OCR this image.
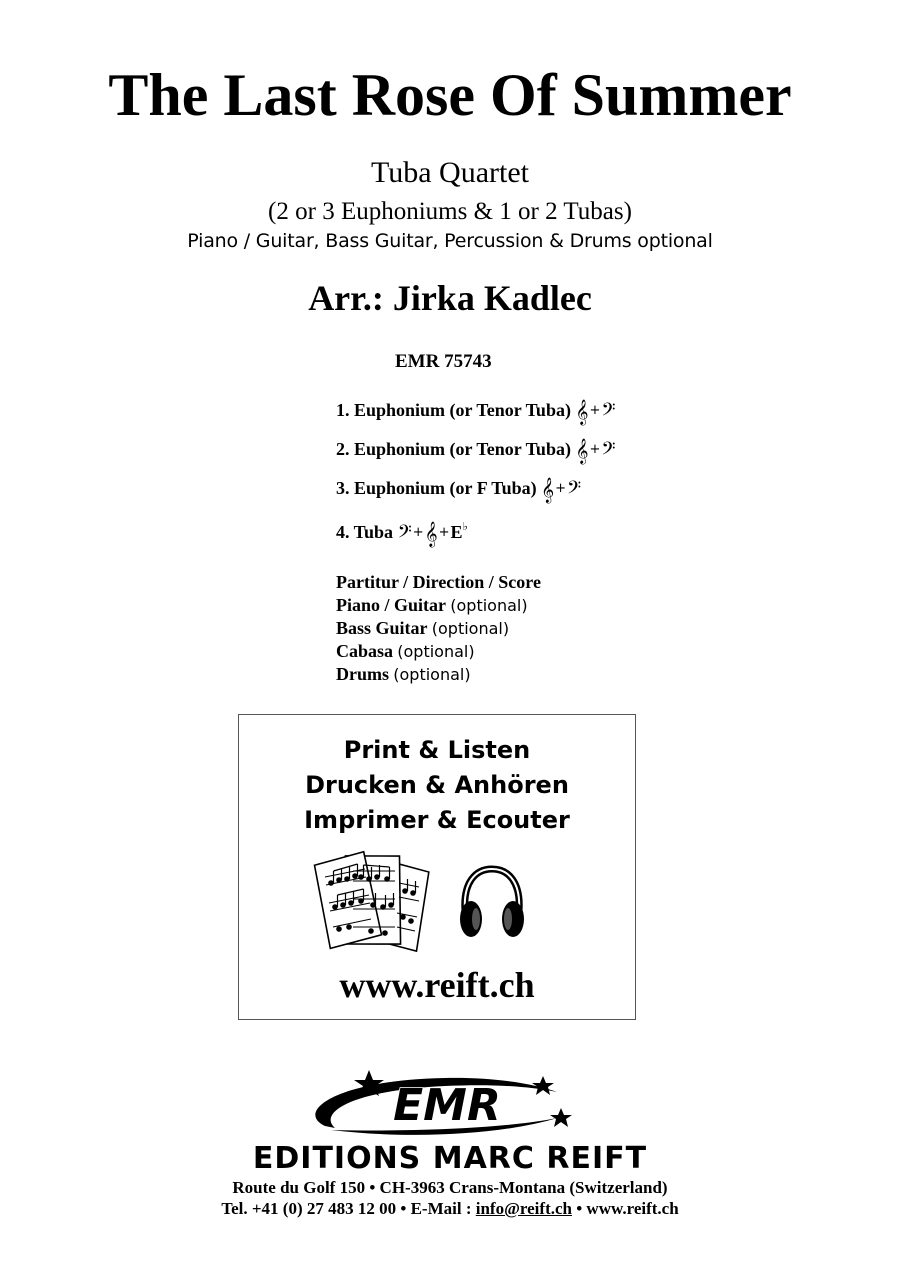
The Last Rose Of Summer
Tuba Quartet
(2 or 3 Euphoniums & 1 or 2 Tubas)
Piano / Guitar, Bass Guitar, Percussion & Drums optional
Arr.: Jirka Kadlec
EMR 75743
1. Euphonium (or Tenor Tuba) 𝄞+𝄢
2. Euphonium (or Tenor Tuba) 𝄞+𝄢
3. Euphonium (or F Tuba) 𝄞+𝄢
4. Tuba 𝄢+𝄞+E♭
Partitur / Direction / Score
Piano / Guitar (optional)
Bass Guitar (optional)
Cabasa (optional)
Drums (optional)
Print & Listen
Drucken & Anhören
Imprimer & Ecouter
www.reift.ch
EMR
EDITIONS MARC REIFT
Route du Golf 150 • CH-3963 Crans-Montana (Switzerland)
Tel. +41 (0) 27 483 12 00 • E-Mail : info@reift.ch • www.reift.ch
